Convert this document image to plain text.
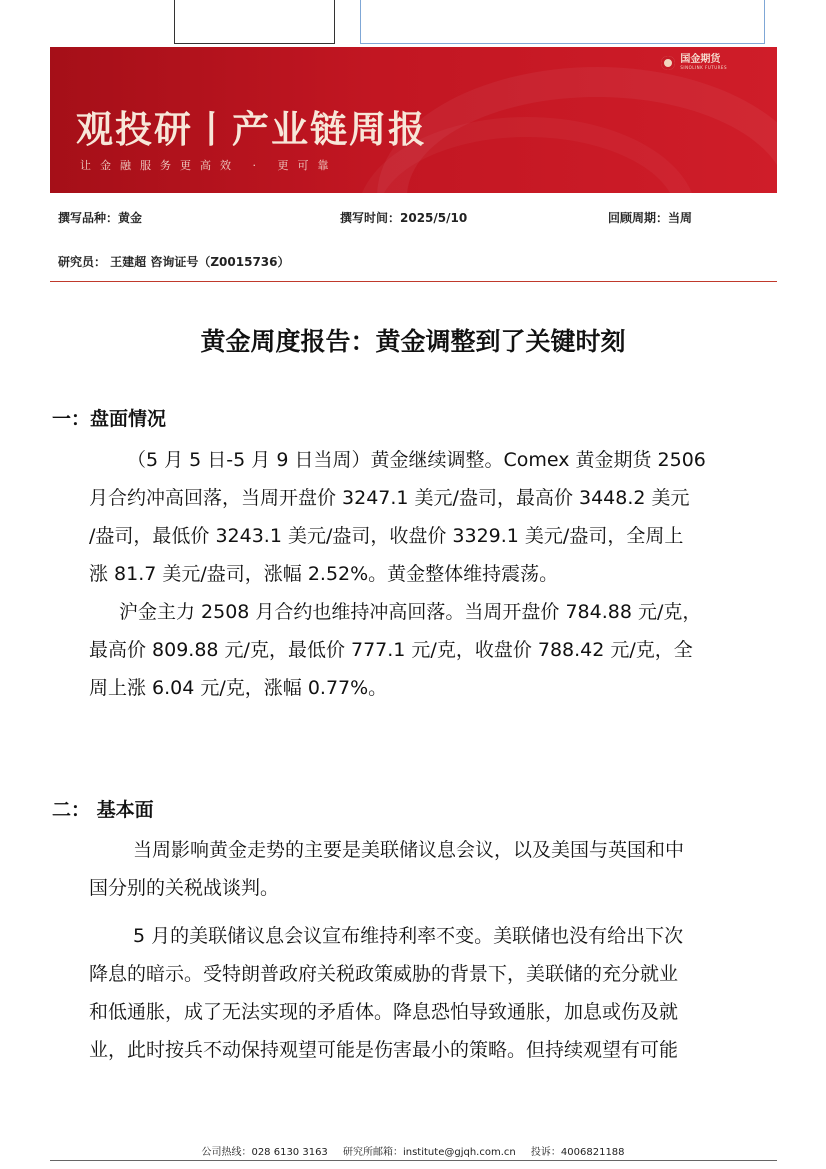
国金期货
SINOLINK FUTURES
观投研丨产业链周报
让金融服务更高效 · 更可靠
撰写品种：黄金	撰写时间：2025/5/10	回顾周期：当周
研究员： 王建超 咨询证号（Z0015736）
黄金周度报告：黄金调整到了关键时刻
一：盘面情况
（5 月 5 日-5 月 9 日当周）黄金继续调整。Comex 黄金期货 2506
月合约冲高回落，当周开盘价 3247.1 美元/盎司，最高价 3448.2 美元
/盎司，最低价 3243.1 美元/盎司，收盘价 3329.1 美元/盎司，全周上
涨 81.7 美元/盎司，涨幅 2.52%。黄金整体维持震荡。
沪金主力 2508 月合约也维持冲高回落。当周开盘价 784.88 元/克，
最高价 809.88 元/克，最低价 777.1 元/克，收盘价 788.42 元/克，全
周上涨 6.04 元/克，涨幅 0.77%。
二： 基本面
当周影响黄金走势的主要是美联储议息会议，以及美国与英国和中
国分别的关税战谈判。
5 月的美联储议息会议宣布维持利率不变。美联储也没有给出下次
降息的暗示。受特朗普政府关税政策威胁的背景下，美联储的充分就业
和低通胀，成了无法实现的矛盾体。降息恐怕导致通胀，加息或伤及就
业，此时按兵不动保持观望可能是伤害最小的策略。但持续观望有可能
公司热线：028 6130 3163 研究所邮箱：institute@gjqh.com.cn 投诉：4006821188
